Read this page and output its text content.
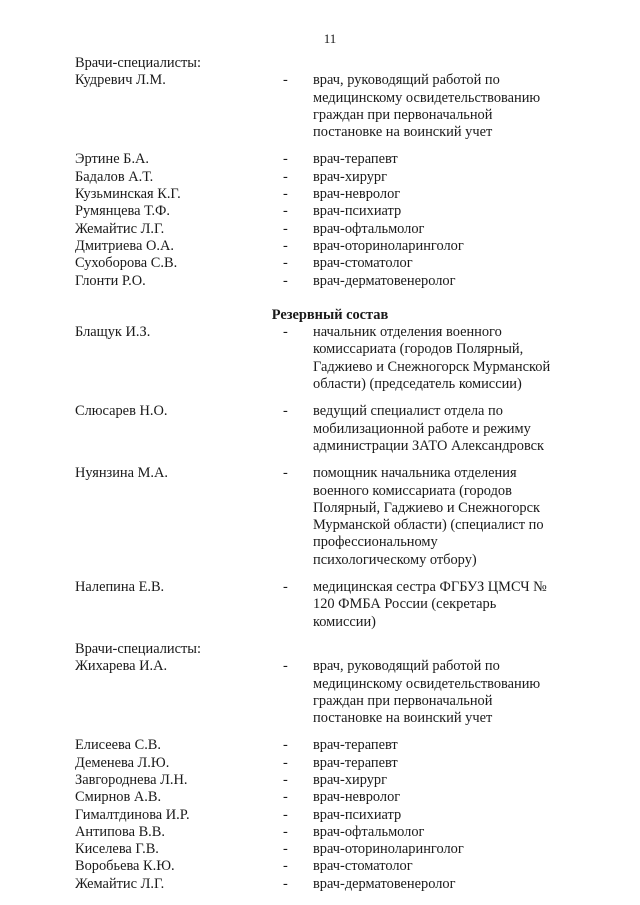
11
Врачи-специалисты:
Кудревич Л.М.	-	врач, руководящий работой по медицинскому освидетельствованию граждан при первоначальной постановке на воинский учет
Эртине Б.А.	-	врач-терапевт
Бадалов А.Т.	-	врач-хирург
Кузьминская К.Г.	-	врач-невролог
Румянцева Т.Ф.	-	врач-психиатр
Жемайтис Л.Г.	-	врач-офтальмолог
Дмитриева О.А.	-	врач-оториноларинголог
Сухоборова С.В.	-	врач-стоматолог
Глонти Р.О.	-	врач-дерматовенеролог
Резервный состав
Блащук И.З.	-	начальник отделения военного комиссариата (городов Полярный, Гаджиево и Снежногорск Мурманской области) (председатель комиссии)
Слюсарев Н.О.	-	ведущий специалист отдела по мобилизационной работе и режиму администрации ЗАТО Александровск
Нуянзина М.А.	-	помощник начальника отделения военного комиссариата (городов Полярный, Гаджиево и Снежногорск Мурманской области) (специалист по профессиональному психологическому отбору)
Налепина Е.В.	-	медицинская сестра ФГБУЗ ЦМСЧ № 120 ФМБА России (секретарь комиссии)
Врачи-специалисты:
Жихарева И.А.	-	врач, руководящий работой по медицинскому освидетельствованию граждан при первоначальной постановке на воинский учет
Елисеева С.В.	-	врач-терапевт
Деменева Л.Ю.	-	врач-терапевт
Завгороднева Л.Н.	-	врач-хирург
Смирнов А.В.	-	врач-невролог
Гималтдинова И.Р.	-	врач-психиатр
Антипова В.В.	-	врач-офтальмолог
Киселева Г.В.	-	врач-оториноларинголог
Воробьева К.Ю.	-	врач-стоматолог
Жемайтис Л.Г.	-	врач-дерматовенеролог
